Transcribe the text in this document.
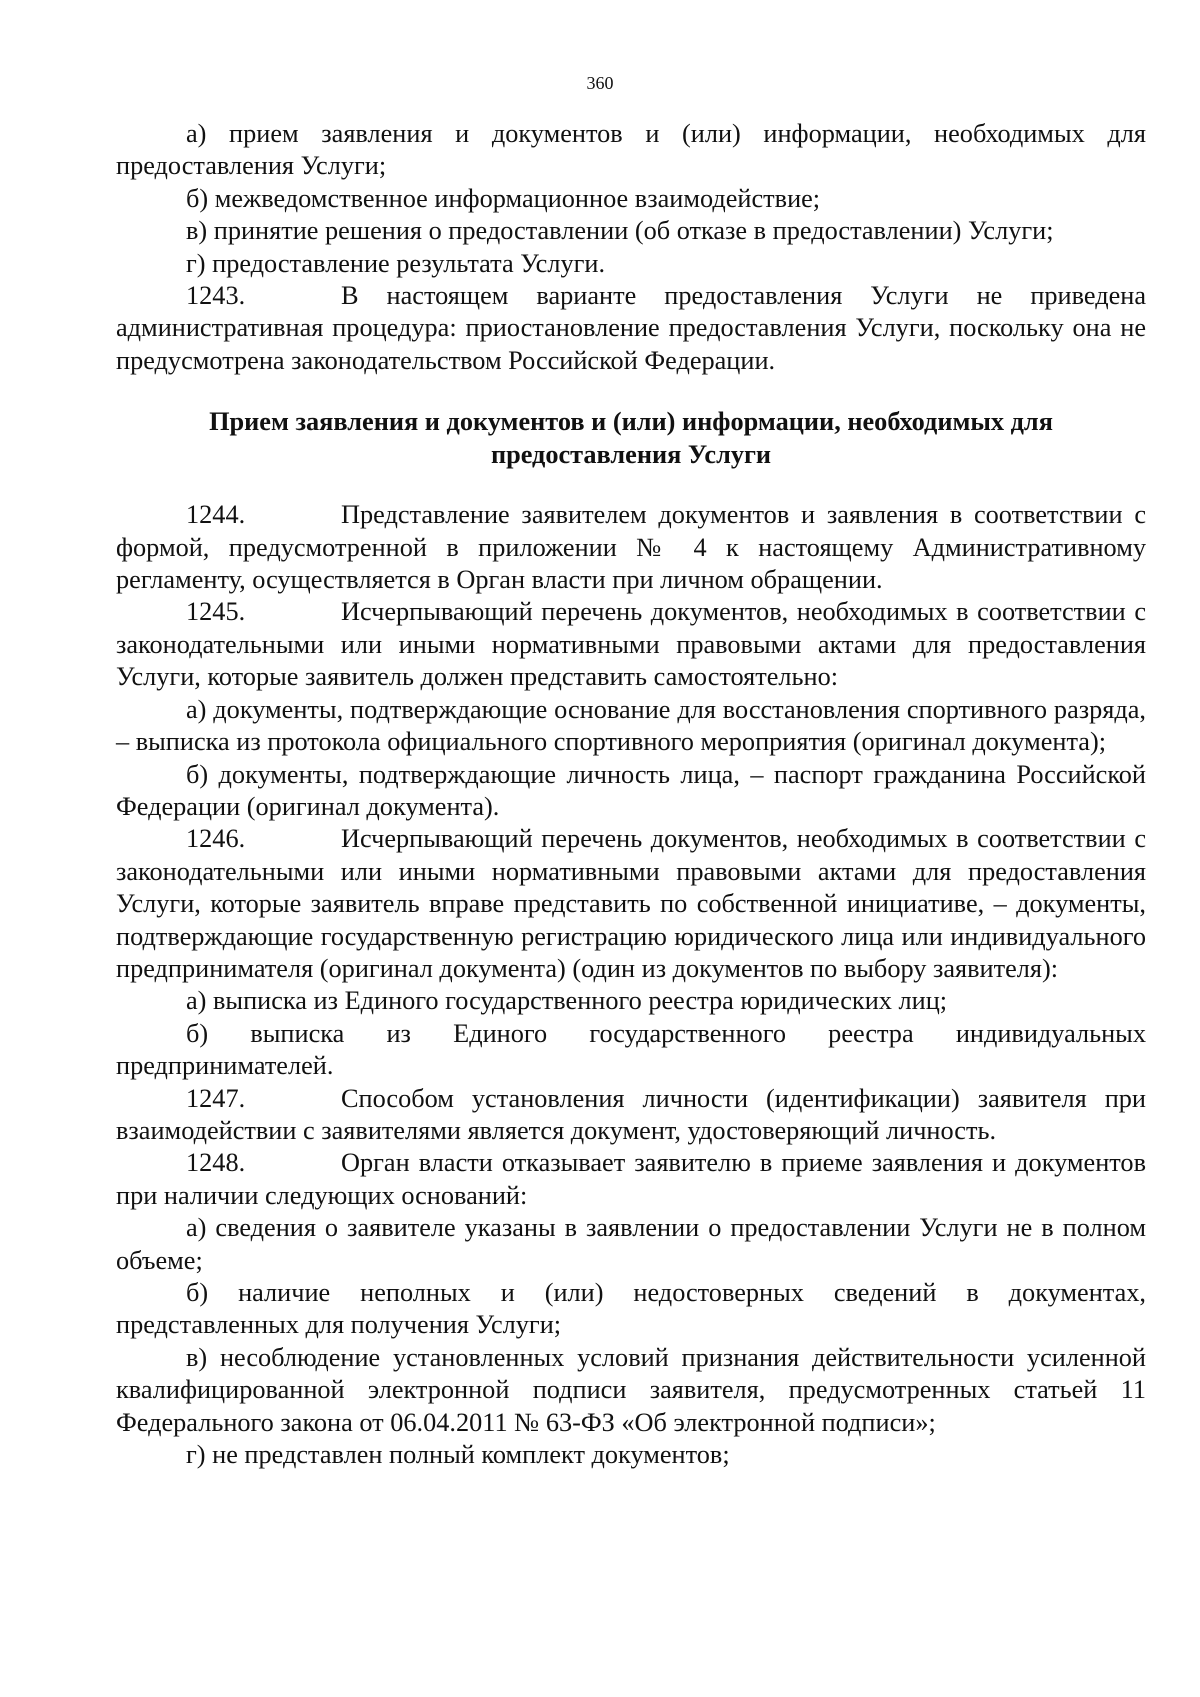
360

а) прием заявления и документов и (или) информации, необходимых для предоставления Услуги;

б) межведомственное информационное взаимодействие;

в) принятие решения о предоставлении (об отказе в предоставлении) Услуги;

г) предоставление результата Услуги.

1243.	В настоящем варианте предоставления Услуги не приведена административная процедура: приостановление предоставления Услуги, поскольку она не предусмотрена законодательством Российской Федерации.

Прием заявления и документов и (или) информации, необходимых для предоставления Услуги

1244.	Представление заявителем документов и заявления в соответствии с формой, предусмотренной в приложении № 4 к настоящему Административному регламенту, осуществляется в Орган власти при личном обращении.

1245.	Исчерпывающий перечень документов, необходимых в соответствии с законодательными или иными нормативными правовыми актами для предоставления Услуги, которые заявитель должен представить самостоятельно:

а) документы, подтверждающие основание для восстановления спортивного разряда, – выписка из протокола официального спортивного мероприятия (оригинал документа);

б) документы, подтверждающие личность лица, – паспорт гражданина Российской Федерации (оригинал документа).

1246.	Исчерпывающий перечень документов, необходимых в соответствии с законодательными или иными нормативными правовыми актами для предоставления Услуги, которые заявитель вправе представить по собственной инициативе, – документы, подтверждающие государственную регистрацию юридического лица или индивидуального предпринимателя (оригинал документа) (один из документов по выбору заявителя):

а) выписка из Единого государственного реестра юридических лиц;

б) выписка из Единого государственного реестра индивидуальных предпринимателей.

1247.	Способом установления личности (идентификации) заявителя при взаимодействии с заявителями является документ, удостоверяющий личность.

1248.	Орган власти отказывает заявителю в приеме заявления и документов при наличии следующих оснований:

а) сведения о заявителе указаны в заявлении о предоставлении Услуги не в полном объеме;

б) наличие неполных и (или) недостоверных сведений в документах, представленных для получения Услуги;

в) несоблюдение установленных условий признания действительности усиленной квалифицированной электронной подписи заявителя, предусмотренных статьей 11 Федерального закона от 06.04.2011 № 63-ФЗ «Об электронной подписи»;

г) не представлен полный комплект документов;
